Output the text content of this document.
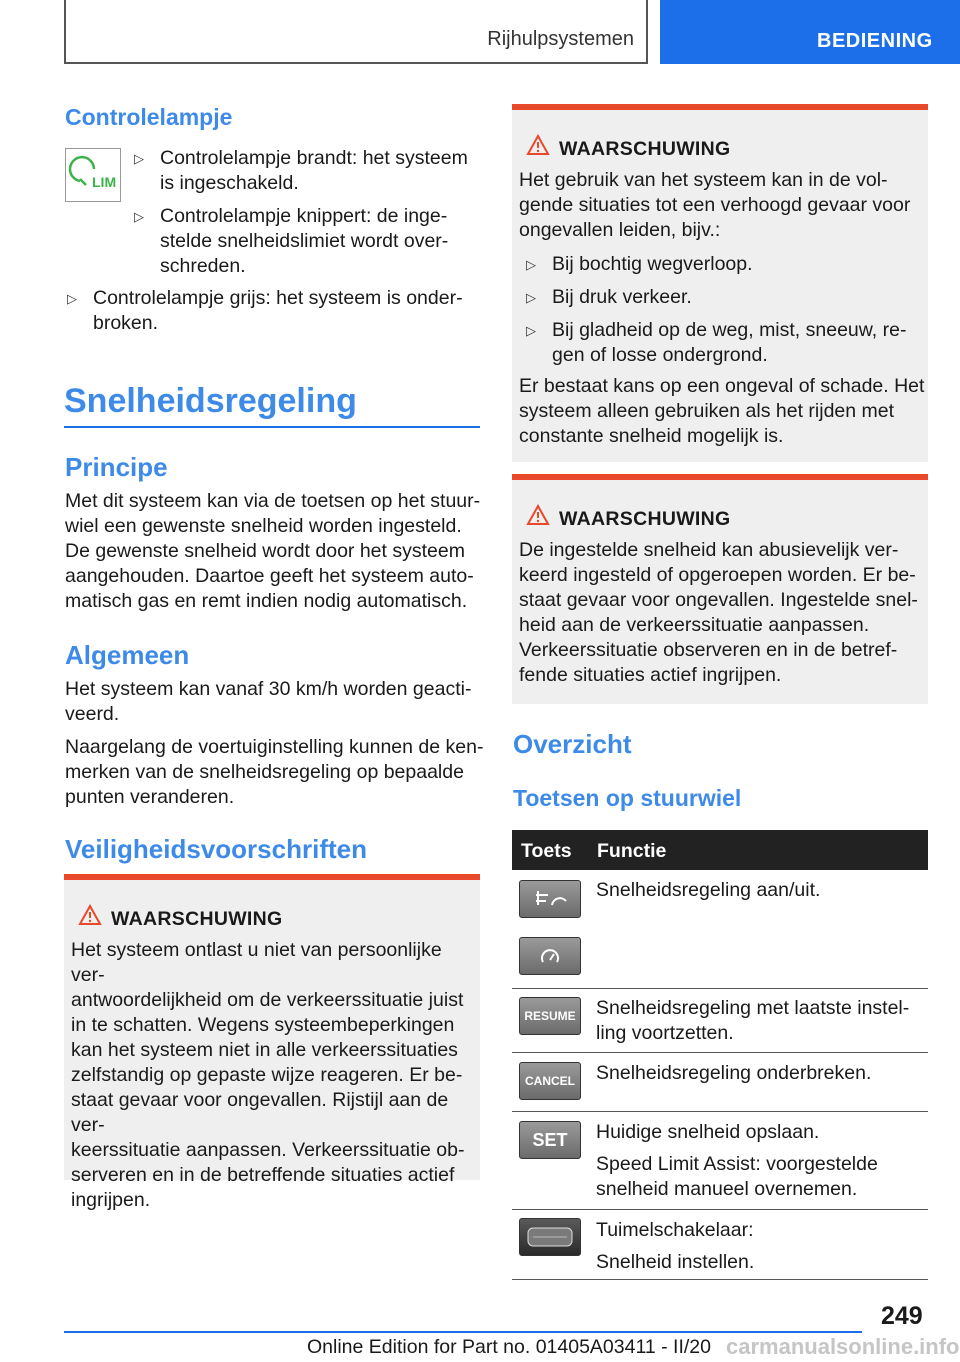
Rijhulpsystemen	BEDIENING
Controlelampje
LIM
▷ Controlelampje brandt: het systeem
is ingeschakeld.
▷ Controlelampje knippert: de inge-
stelde snelheidslimiet wordt over-
schreden.
▷ Controlelampje grijs: het systeem is onder-
broken.
Snelheidsregeling
Principe
Met dit systeem kan via de toetsen op het stuur-
wiel een gewenste snelheid worden ingesteld.
De gewenste snelheid wordt door het systeem
aangehouden. Daartoe geeft het systeem auto-
matisch gas en remt indien nodig automatisch.
Algemeen
Het systeem kan vanaf 30 km/h worden geacti-
veerd.
Naargelang de voertuiginstelling kunnen de ken-
merken van de snelheidsregeling op bepaalde
punten veranderen.
Veiligheidsvoorschriften
WAARSCHUWING
Het systeem ontlast u niet van persoonlijke ver-
antwoordelijkheid om de verkeerssituatie juist
in te schatten. Wegens systeembeperkingen
kan het systeem niet in alle verkeerssituaties
zelfstandig op gepaste wijze reageren. Er be-
staat gevaar voor ongevallen. Rijstijl aan de ver-
keerssituatie aanpassen. Verkeerssituatie ob-
serveren en in de betreffende situaties actief
ingrijpen.
WAARSCHUWING
Het gebruik van het systeem kan in de vol-
gende situaties tot een verhoogd gevaar voor
ongevallen leiden, bijv.:
▷ Bij bochtig wegverloop.
▷ Bij druk verkeer.
▷ Bij gladheid op de weg, mist, sneeuw, re-
gen of losse ondergrond.
Er bestaat kans op een ongeval of schade. Het
systeem alleen gebruiken als het rijden met
constante snelheid mogelijk is.
WAARSCHUWING
De ingestelde snelheid kan abusievelijk ver-
keerd ingesteld of opgeroepen worden. Er be-
staat gevaar voor ongevallen. Ingestelde snel-
heid aan de verkeerssituatie aanpassen.
Verkeerssituatie observeren en in de betref-
fende situaties actief ingrijpen.
Overzicht
Toetsen op stuurwiel
Toets Functie
Snelheidsregeling aan/uit.
RESUME Snelheidsregeling met laatste instel-
ling voortzetten.
CANCEL	Snelheidsregeling onderbreken.
SET	Huidige snelheid opslaan.
Speed Limit Assist: voorgestelde
snelheid manueel overnemen.
Tuimelschakelaar:
Snelheid instellen.
249
Online Edition for Part no. 01405A03411 - II/20 carmanualsonline.info
